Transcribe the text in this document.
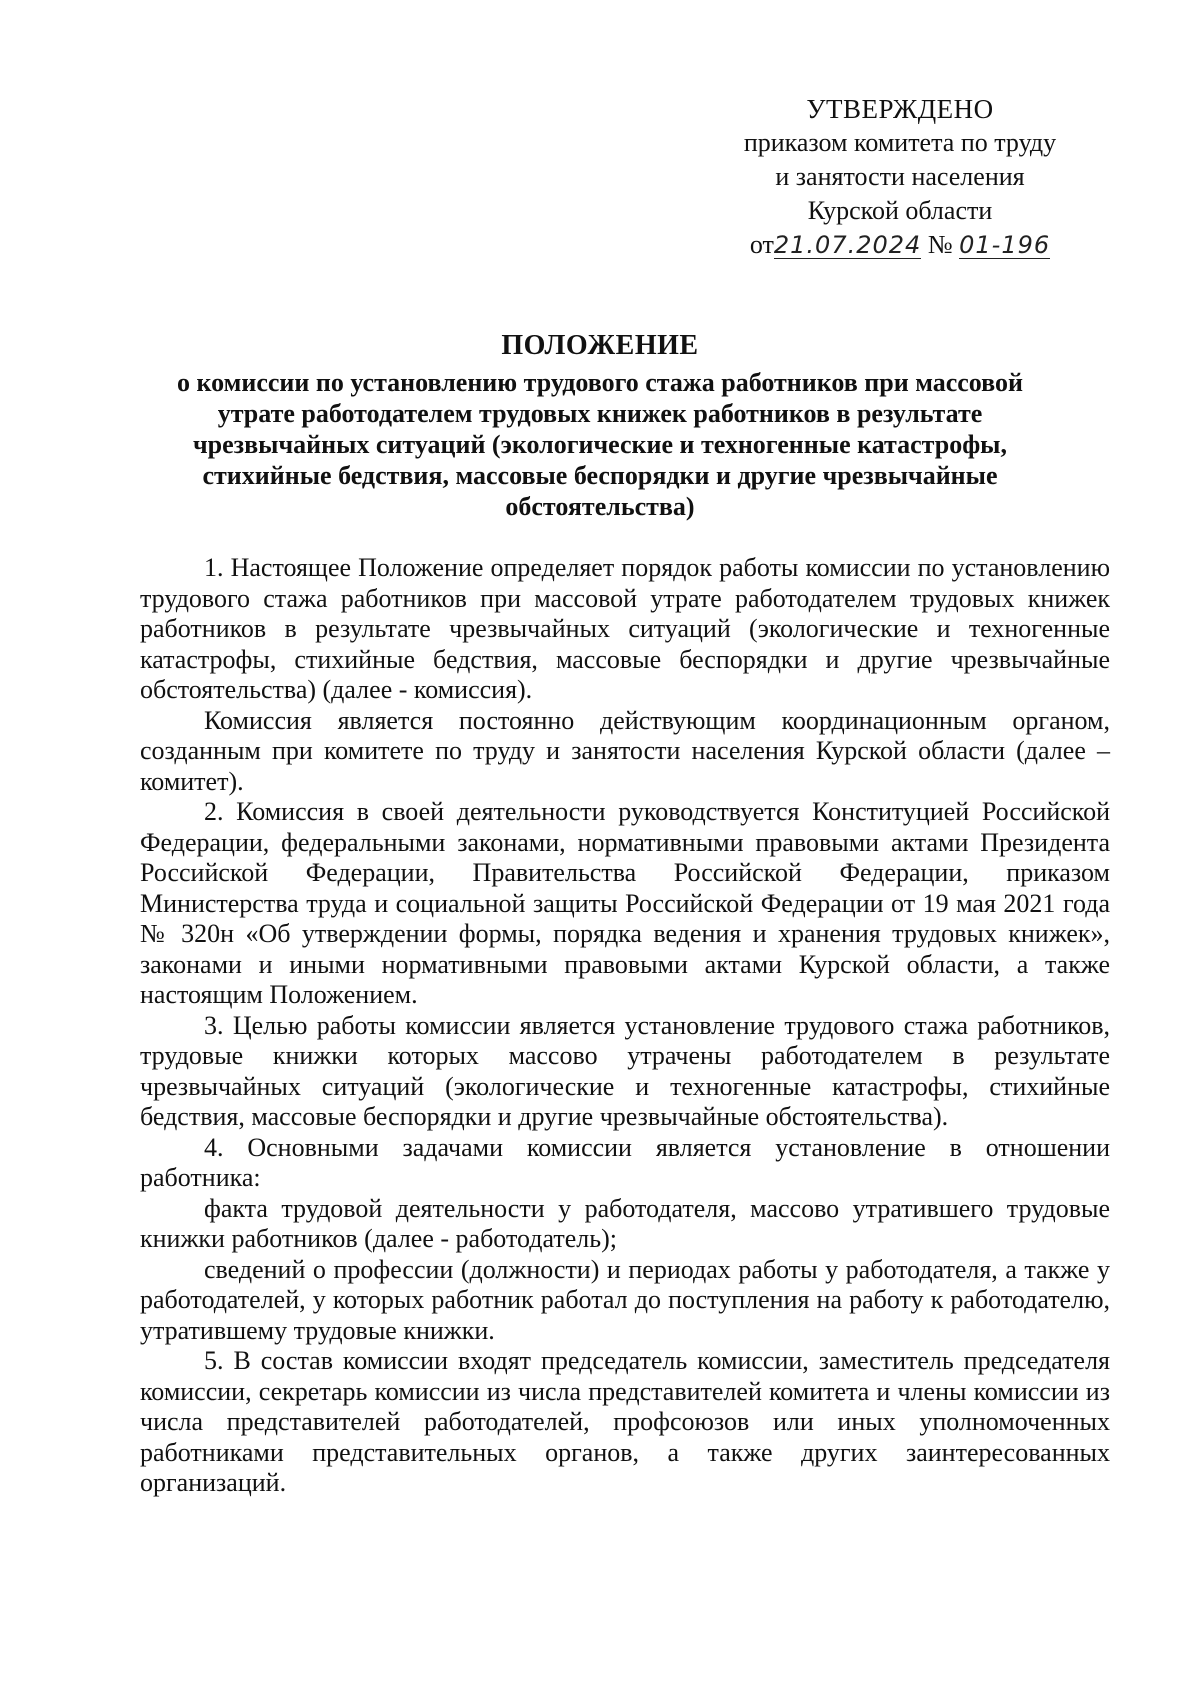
УТВЕРЖДЕНО
приказом комитета по труду
и занятости населения
Курской области
от21.07.2024 № 01-196
ПОЛОЖЕНИЕ
о комиссии по установлению трудового стажа работников при массовой утрате работодателем трудовых книжек работников в результате чрезвычайных ситуаций (экологические и техногенные катастрофы, стихийные бедствия, массовые беспорядки и другие чрезвычайные обстоятельства)

1. Настоящее Положение определяет порядок работы комиссии по установлению трудового стажа работников при массовой утрате работодателем трудовых книжек работников в результате чрезвычайных ситуаций (экологические и техногенные катастрофы, стихийные бедствия, массовые беспорядки и другие чрезвычайные обстоятельства) (далее - комиссия).

Комиссия является постоянно действующим координационным органом, созданным при комитете по труду и занятости населения Курской области (далее – комитет).

2. Комиссия в своей деятельности руководствуется Конституцией Российской Федерации, федеральными законами, нормативными правовыми актами Президента Российской Федерации, Правительства Российской Федерации, приказом Министерства труда и социальной защиты Российской Федерации от 19 мая 2021 года № 320н «Об утверждении формы, порядка ведения и хранения трудовых книжек», законами и иными нормативными правовыми актами Курской области, а также настоящим Положением.

3. Целью работы комиссии является установление трудового стажа работников, трудовые книжки которых массово утрачены работодателем в результате чрезвычайных ситуаций (экологические и техногенные катастрофы, стихийные бедствия, массовые беспорядки и другие чрезвычайные обстоятельства).

4. Основными задачами комиссии является установление в отношении работника:

факта трудовой деятельности у работодателя, массово утратившего трудовые книжки работников (далее - работодатель);

сведений о профессии (должности) и периодах работы у работодателя, а также у работодателей, у которых работник работал до поступления на работу к работодателю, утратившему трудовые книжки.

5. В состав комиссии входят председатель комиссии, заместитель председателя комиссии, секретарь комиссии из числа представителей комитета и члены комиссии из числа представителей работодателей, профсоюзов или иных уполномоченных работниками представительных органов, а также других заинтересованных организаций.
